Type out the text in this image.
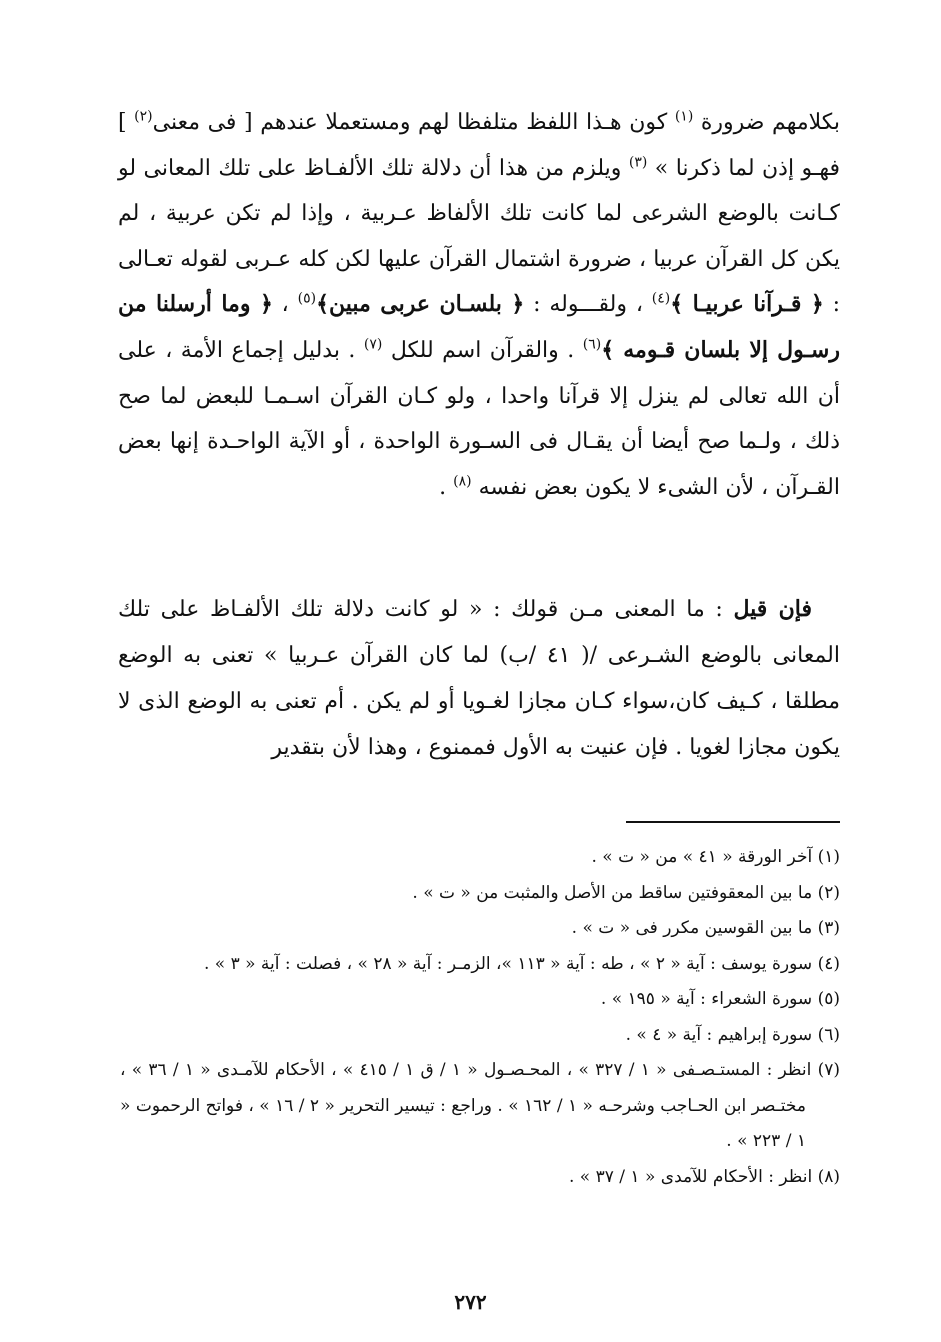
بكلامهم ضرورة $^{(١)}$ كون هـذا اللفظ متلفظا لهم ومستعملا عندهم [ فى معنى$^{(٢)}$ ] فهـو إذن لما ذكرنا » $^{(٣)}$ ويلزم من هذا أن دلالة تلك الألفـاظ على تلك المعانى لو كـانت بالوضع الشرعى لما كانت تلك الألفاظ عـربية ، وإذا لم تكن عربية ، لم يكن كل القرآن عربيا ، ضرورة اشتمال القرآن عليها لكن كله عـربى لقوله تعـالى : ﴿ قـرآنا عربيـا ﴾$^{(٤)}$ ، ولقـــوله : ﴿ بلسـان عربى مبين﴾$^{(٥)}$ ، ﴿ وما أرسلنا من رسـول إلا بلسان قـومه ﴾$^{(٦)}$ . والقرآن اسم للكل $^{(٧)}$ . بدليل إجماع الأمة ، على أن الله تعالى لم ينزل إلا قرآنا واحدا ، ولو كـان القرآن اسـمـا للبعض لما صح ذلك ، ولـما صح أيضا أن يقـال فى السـورة الواحدة ، أو الآية الواحـدة إنها بعض القـرآن ، لأن الشىء لا يكون بعض نفسه $^{(٨)}$ .

فإن قيل : ما المعنى مـن قولك : « لو كانت دلالة تلك الألفـاظ على تلك المعانى بالوضع الشـرعى /( ٤١ /ب) لما كان القرآن عـربيا » تعنى به الوضع مطلقا ، كـيف كان،سواء كـان مجازا لغـويا أو لم يكن . أم تعنى به الوضع الذى لا يكون مجازا لغويا . فإن عنيت به الأول فممنوع ، وهذا لأن بتقدير

(١) آخر الورقة « ٤١ » من « ت » .

(٢) ما بين المعقوفتين ساقط من الأصل والمثبت من « ت » .

(٣) ما بين القوسين مكرر فى « ت » .

(٤) سورة يوسف : آية « ٢ » ، طه : آية « ١١٣ »، الزمـر : آية « ٢٨ » ، فصلت : آية « ٣ » .

(٥) سورة الشعراء : آية « ١٩٥ » .

(٦) سورة إبراهيم : آية « ٤ » .

(٧) انظر : المستـصـفى « ١ / ٣٢٧ » ، المحـصـول « ١ / ق ١ / ٤١٥ » ، الأحكام للآمـدى « ١ / ٣٦ » ، مختـصر ابن الحـاجب وشرحـه « ١ / ١٦٢ » . وراجع : تيسير التحرير « ٢ / ١٦ » ، فواتح الرحموت « ١ / ٢٢٣ » .

(٨) انظر : الأحكام للآمدى « ١ / ٣٧ » .

٢٧٢
